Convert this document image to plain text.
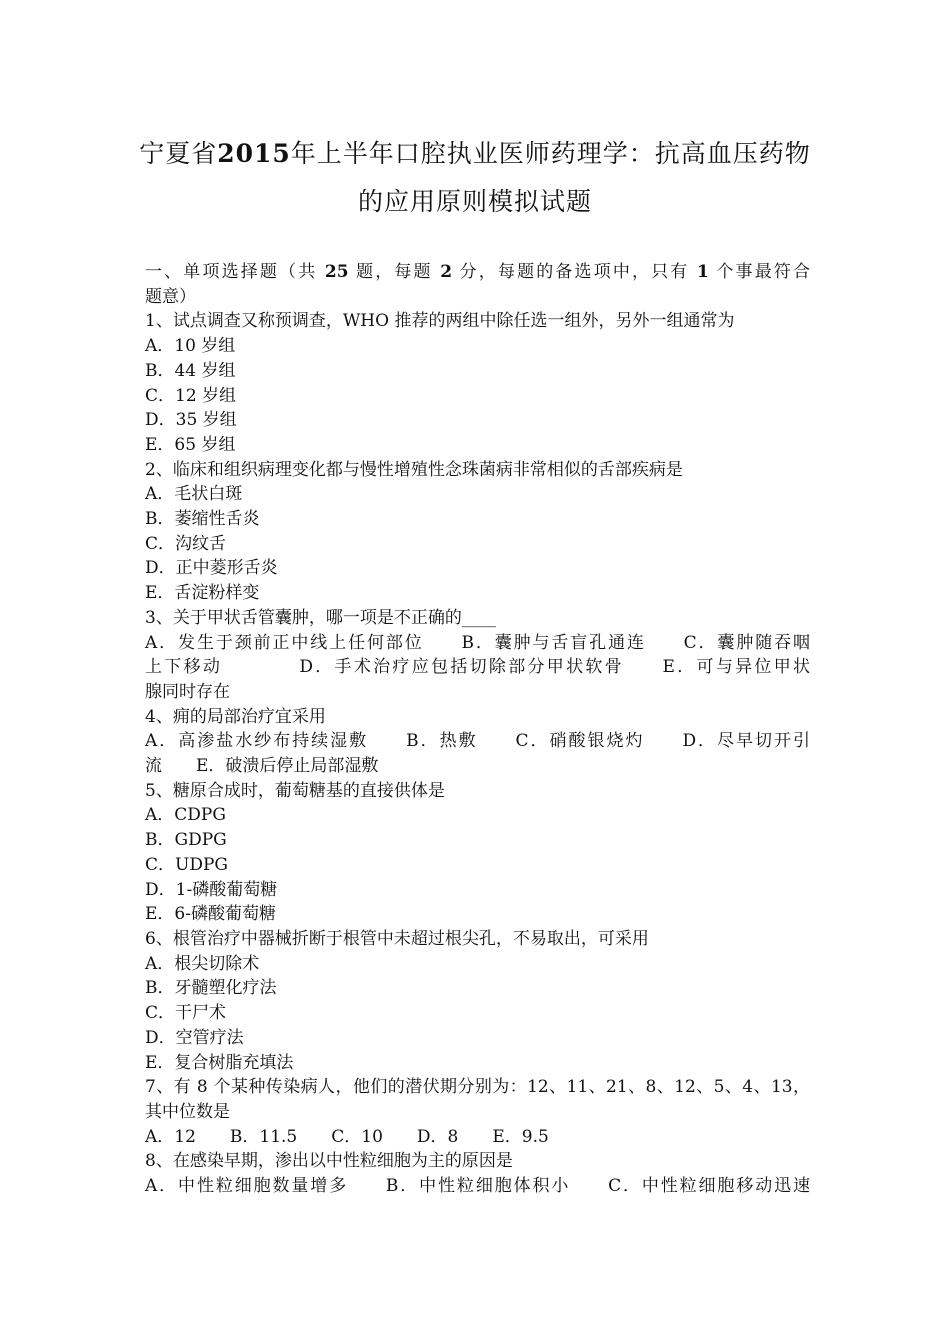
宁夏省2015年上半年口腔执业医师药理学：抗高血压药物
的应用原则模拟试题
一、单项选择题（共 25 题，每题 2 分，每题的备选项中，只有 1 个事最符合
题意）
1、试点调查又称预调查，WHO 推荐的两组中除任选一组外，另外一组通常为
A．10 岁组
B．44 岁组
C．12 岁组
D．35 岁组
E．65 岁组
2、临床和组织病理变化都与慢性增殖性念珠菌病非常相似的舌部疾病是
A．毛状白斑
B．萎缩性舌炎
C．沟纹舌
D．正中菱形舌炎
E．舌淀粉样变
3、关于甲状舌管囊肿，哪一项是不正确的____
A．发生于颈前正中线上任何部位　　B．囊肿与舌盲孔通连　　C．囊肿随吞咽
上下移动　　　　D．手术治疗应包括切除部分甲状软骨　　E．可与异位甲状
腺同时存在
4、痈的局部治疗宜采用
A．高渗盐水纱布持续湿敷　　B．热敷　　C．硝酸银烧灼　　D．尽早切开引
流　　E．破溃后停止局部湿敷
5、糖原合成时，葡萄糖基的直接供体是
A．CDPG
B．GDPG
C．UDPG
D．1-磷酸葡萄糖
E．6-磷酸葡萄糖
6、根管治疗中器械折断于根管中未超过根尖孔，不易取出，可采用
A．根尖切除术
B．牙髓塑化疗法
C．干尸术
D．空管疗法
E．复合树脂充填法
7、有 8 个某种传染病人，他们的潜伏期分别为：12、11、21、8、12、5、4、13，
其中位数是
A．12　　B．11.5　　C．10　　D．8　　E．9.5
8、在感染早期，渗出以中性粒细胞为主的原因是
A．中性粒细胞数量增多　　B．中性粒细胞体积小　　C．中性粒细胞移动迅速
